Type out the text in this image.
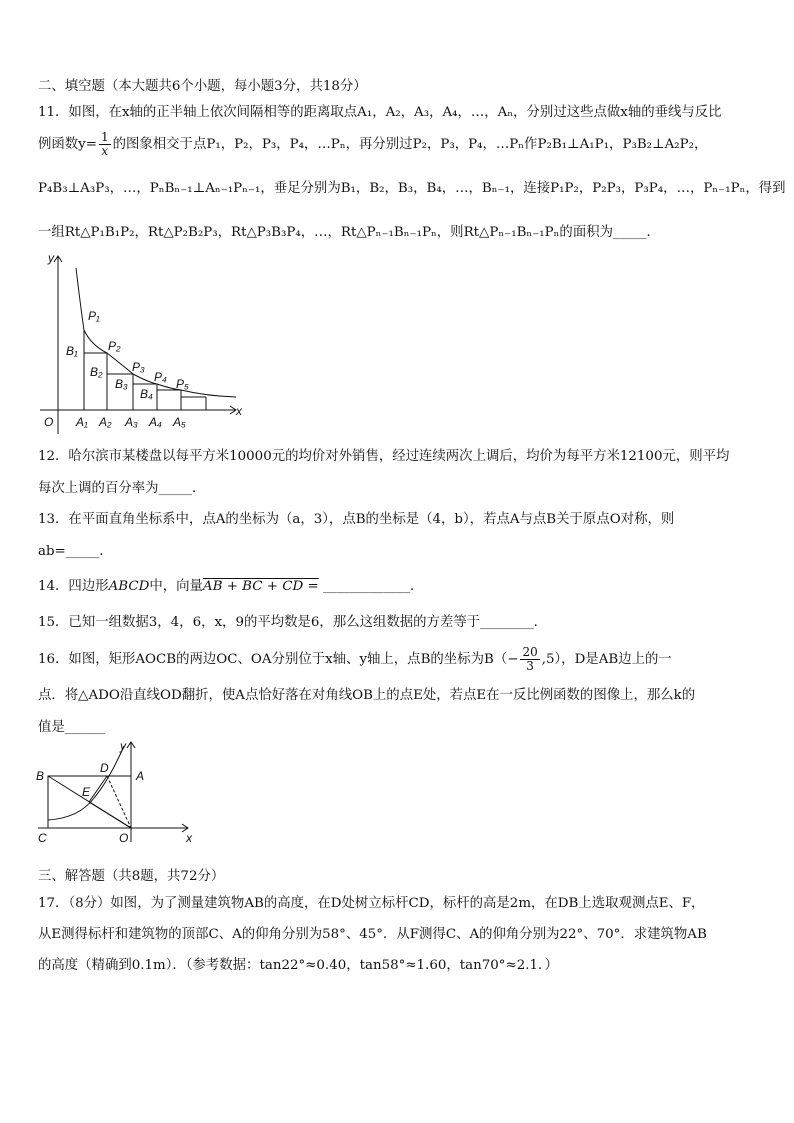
二、填空题（本大题共6个小题，每小题3分，共18分）
11．如图，在x轴的正半轴上依次间隔相等的距离取点A₁，A₂，A₃，A₄，…，Aₙ，分别过这些点做x轴的垂线与反比
例函数$y= \frac{1}{x}$ 的图象相交于点P₁，P₂，P₃，P₄，…Pₙ，再分别过P₂，P₃，P₄，…Pₙ作P₂B₁⊥A₁P₁，P₃B₂⊥A₂P₂，
P₄B₃⊥A₃P₃，…，PₙBₙ₋₁⊥Aₙ₋₁Pₙ₋₁，垂足分别为B₁，B₂，B₃，B₄，…，Bₙ₋₁，连接P₁P₂，P₂P₃，P₃P₄，…，Pₙ₋₁Pₙ，得到
一组Rt△P₁B₁P₂，Rt△P₂B₂P₃，Rt△P₃B₃P₄，…，Rt△Pₙ₋₁Bₙ₋₁Pₙ，则Rt△Pₙ₋₁Bₙ₋₁Pₙ的面积为_____．
y
x
O
P₁
P₂
P₃
P₄ P₅
B₁
B₂
B₃
B₄
A₁ A₂ A₃ A₄ A₅
12．哈尔滨市某楼盘以每平方米10000元的均价对外销售，经过连续两次上调后，均价为每平方米12100元，则平均
每次上调的百分率为_____．
13．在平面直角坐标系中，点A的坐标为（a，3），点B的坐标是（4，b），若点A与点B关于原点O对称，则
ab=_____．
14．四边形ABCD中，向量AB + BC + CD = _____________．
15．已知一组数据3，4，6，x，9的平均数是6，那么这组数据的方差等于________．
16．如图，矩形AOCB的两边OC、OA分别位于x轴、y轴上，点B的坐标为$B(- \frac{20}{3} ,5)$，D是AB边上的一
点．将△ADO沿直线OD翻折，使A点恰好落在对角线OB上的点E处，若点E在一反比例函数的图像上，那么k的
值是______
y
x
B
D
A
E
C	O
三、解答题（共8题，共72分）
17．（8分）如图，为了测量建筑物AB的高度，在D处树立标杆CD，标杆的高是2m，在DB上选取观测点E、F，
从E测得标杆和建筑物的顶部C、A的仰角分别为58°、45°．从F测得C、A的仰角分别为22°、70°．求建筑物AB
的高度（精确到0.1m）．（参考数据：tan22°≈0.40，tan58°≈1.60，tan70°≈2.1．）
